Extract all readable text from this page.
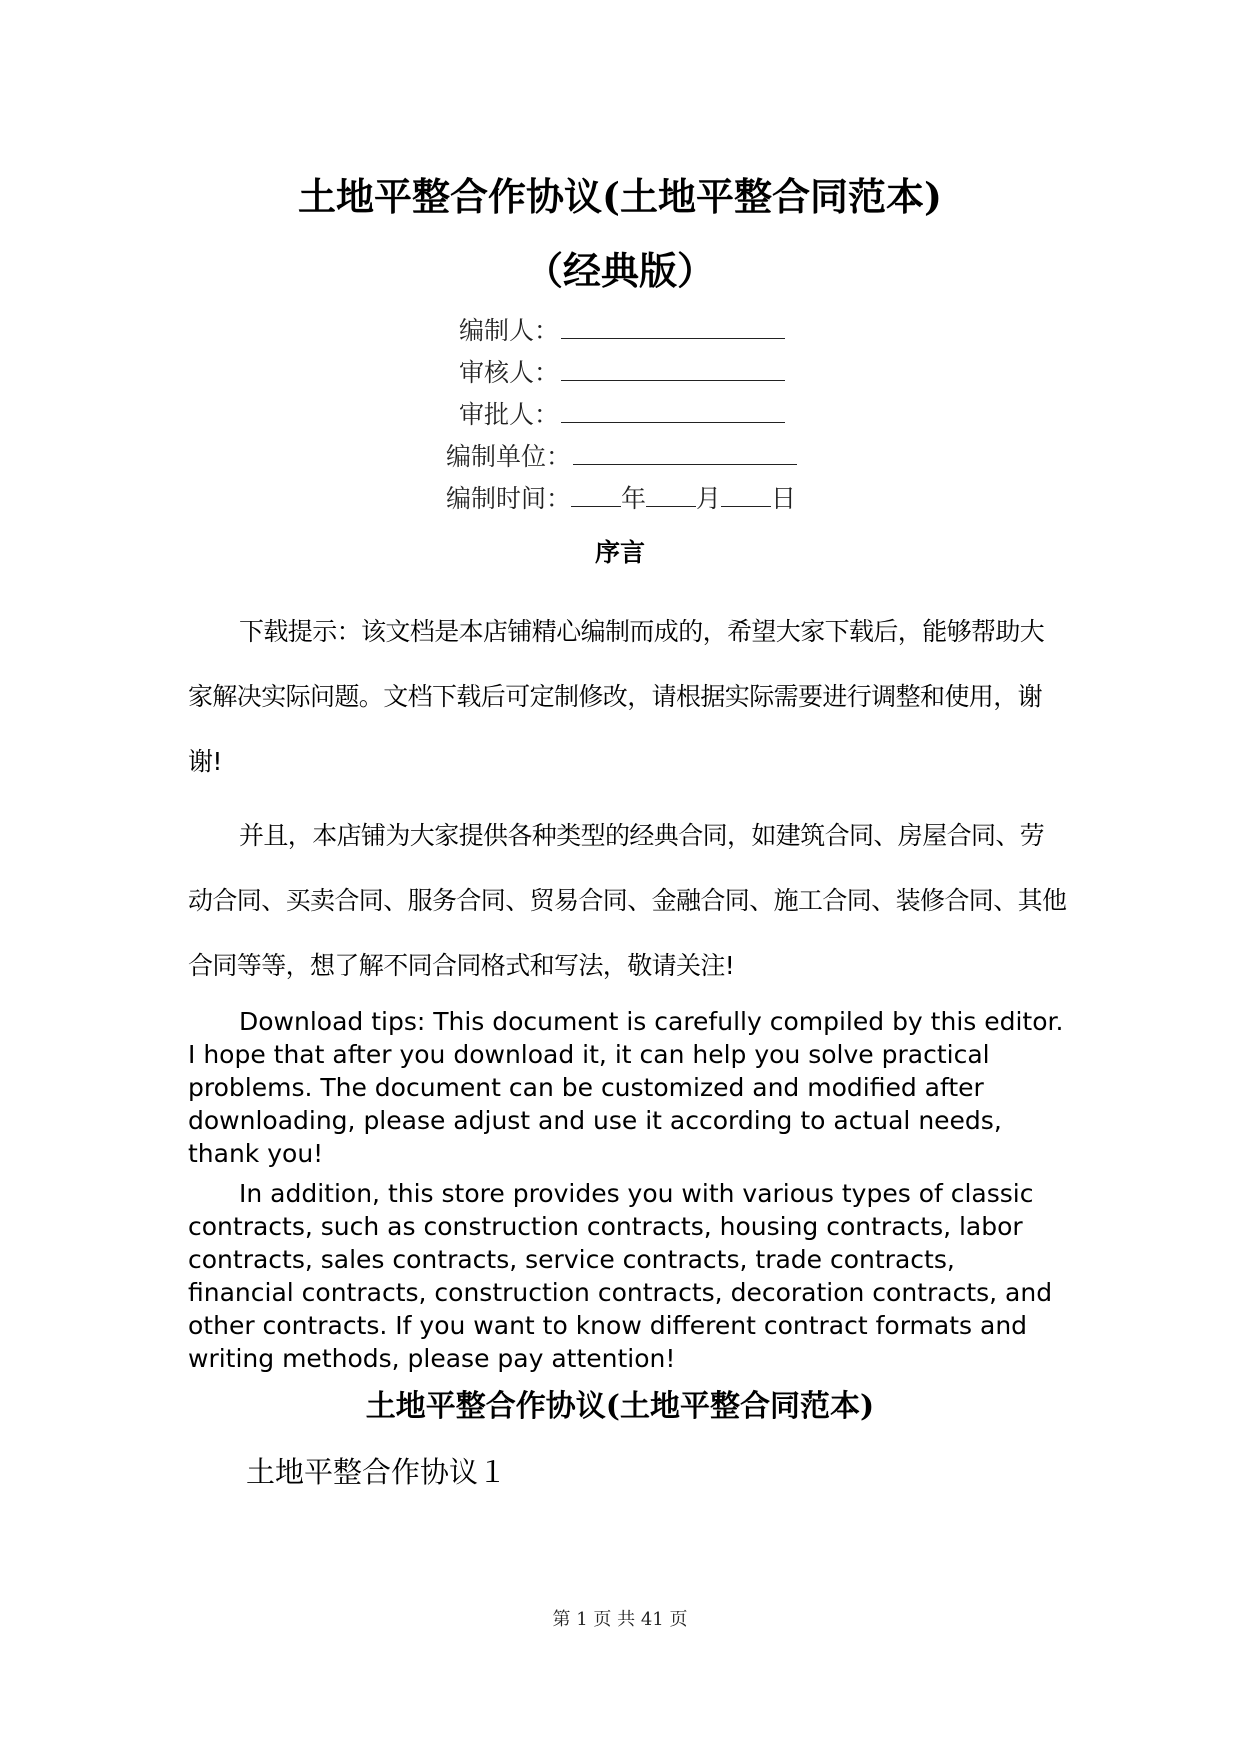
土地平整合作协议(土地平整合同范本)
（经典版）
编制人：
审核人：
审批人：
编制单位：
编制时间： 年 月 日
序言

下载提示：该文档是本店铺精心编制而成的，希望大家下载后，能够帮助大家解决实际问题。文档下载后可定制修改，请根据实际需要进行调整和使用，谢谢!

并且，本店铺为大家提供各种类型的经典合同，如建筑合同、房屋合同、劳动合同、买卖合同、服务合同、贸易合同、金融合同、施工合同、装修合同、其他合同等等，想了解不同合同格式和写法，敬请关注!

Download tips: This document is carefully compiled by this editor. I hope that after you download it, it can help you solve practical problems. The document can be customized and modified after downloading, please adjust and use it according to actual needs, thank you!

In addition, this store provides you with various types of classic contracts, such as construction contracts, housing contracts, labor contracts, sales contracts, service contracts, trade contracts, financial contracts, construction contracts, decoration contracts, and other contracts. If you want to know different contract formats and writing methods, please pay attention!

土地平整合作协议(土地平整合同范本)
土地平整合作协议１
第 1 页 共 41 页
